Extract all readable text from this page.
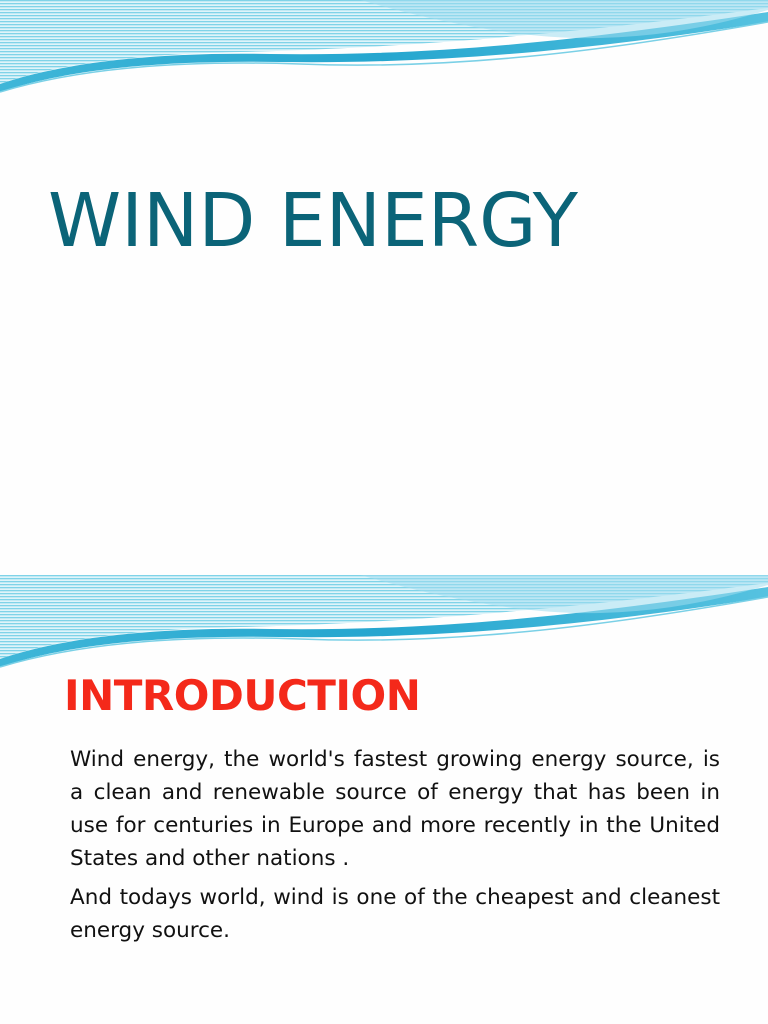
WIND ENERGY
INTRODUCTION

Wind energy, the world's fastest growing energy source, is a clean and renewable source of energy that has been in use for centuries in Europe and more recently in the United States and other nations .

And todays world, wind is one of the cheapest and cleanest energy source.
